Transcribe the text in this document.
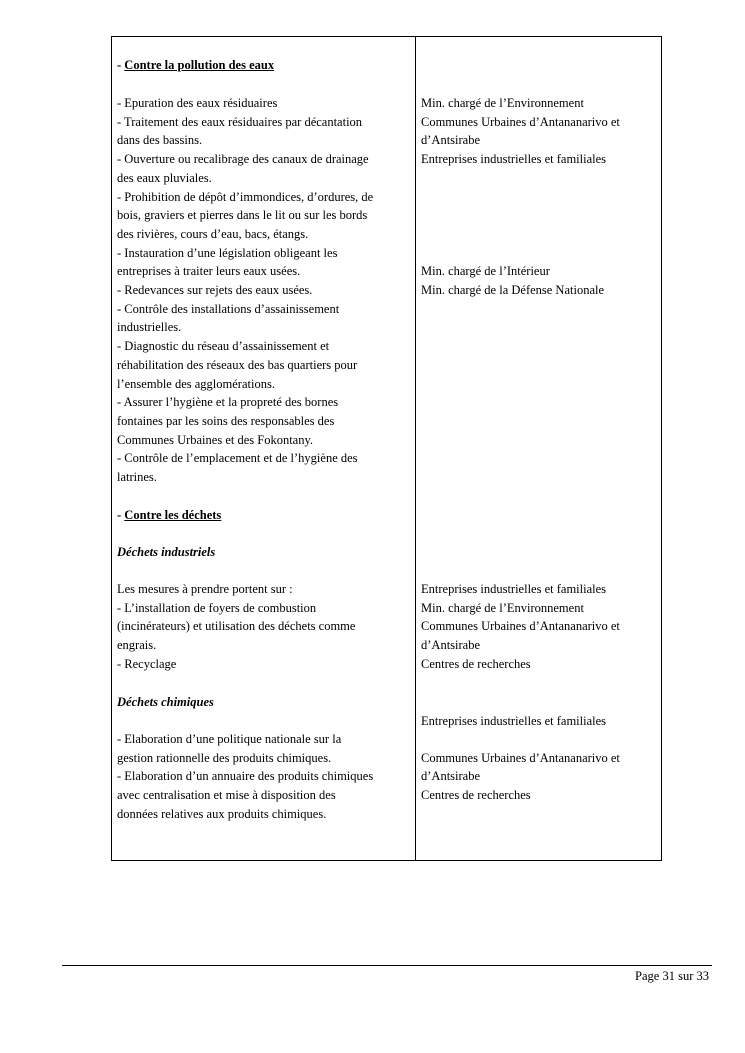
- Contre la pollution des eaux
- Epuration des eaux résiduaires
- Traitement des eaux résiduaires par décantation
dans des bassins.
- Ouverture ou recalibrage des canaux de drainage
des eaux pluviales.
- Prohibition de dépôt d’immondices, d’ordures, de
bois, graviers et pierres dans le lit ou sur les bords
des rivières, cours d’eau, bacs, étangs.
- Instauration d’une législation obligeant les
entreprises à traiter leurs eaux usées.
- Redevances sur rejets des eaux usées.
- Contrôle des installations d’assainissement
industrielles.
- Diagnostic du réseau d’assainissement et
réhabilitation des réseaux des bas quartiers pour
l’ensemble des agglomérations.
- Assurer l’hygiène et la propreté des bornes
fontaines par les soins des responsables des
Communes Urbaines et des Fokontany.
- Contrôle de l’emplacement et de l’hygiène des
latrines.
- Contre les déchets
Déchets industriels
Les mesures à prendre portent sur :
- L’installation de foyers de combustion
(incinérateurs) et utilisation des déchets comme
engrais.
- Recyclage
Déchets chimiques
- Elaboration d’une politique nationale sur la
gestion rationnelle des produits chimiques.
- Elaboration d’un annuaire des produits chimiques
avec centralisation et mise à disposition des
données relatives aux produits chimiques.
Min. chargé de l’Environnement
Communes Urbaines d’Antananarivo et
d’Antsirabe
Entreprises industrielles et familiales
Min. chargé de l’Intérieur
Min. chargé de la Défense Nationale
Entreprises industrielles et familiales
Min. chargé de l’Environnement
Communes Urbaines d’Antananarivo et
d’Antsirabe
Centres de recherches
Entreprises industrielles et familiales
Communes Urbaines d’Antananarivo et
d’Antsirabe
Centres de recherches
Page 31 sur 33
